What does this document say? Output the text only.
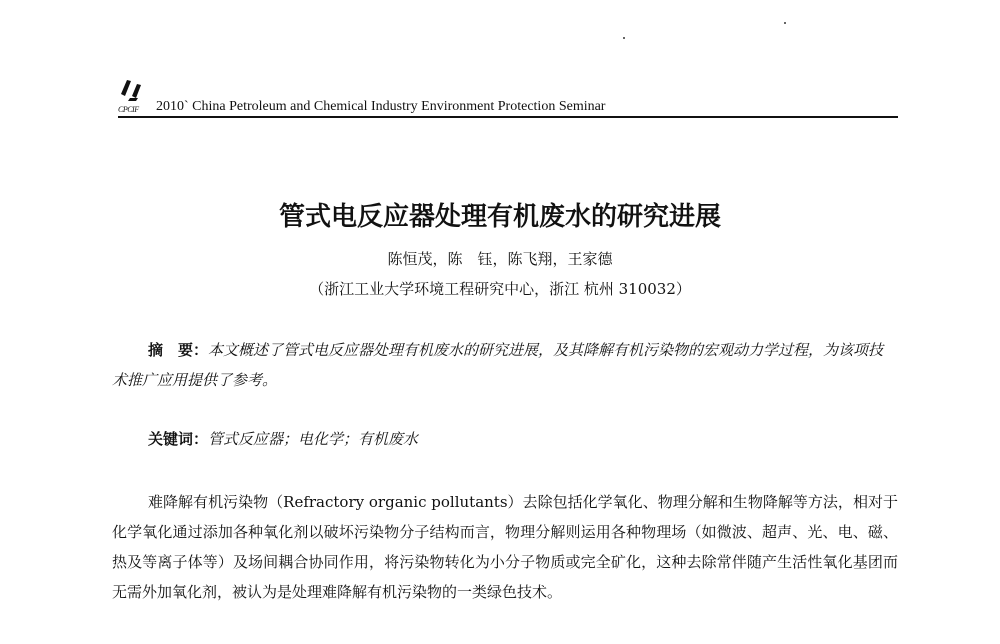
CPCIF 2010` China Petroleum and Chemical Industry Environment Protection Seminar
管式电反应器处理有机废水的研究进展
陈恒茂，陈　钰，陈飞翔，王家德
（浙江工业大学环境工程研究中心，浙江 杭州 310032）
摘　要：本文概述了管式电反应器处理有机废水的研究进展，及其降解有机污染物的宏观动力学过程，为该项技术推广应用提供了参考。
关键词：管式反应器；电化学；有机废水
难降解有机污染物（Refractory organic pollutants）去除包括化学氧化、物理分解和生物降解等方法，相对于化学氧化通过添加各种氧化剂以破坏污染物分子结构而言，物理分解则运用各种物理场（如微波、超声、光、电、磁、热及等离子体等）及场间耦合协同作用，将污染物转化为小分子物质或完全矿化，这种去除常伴随产生活性氧化基团而无需外加氧化剂，被认为是处理难降解有机污染物的一类绿色技术。
